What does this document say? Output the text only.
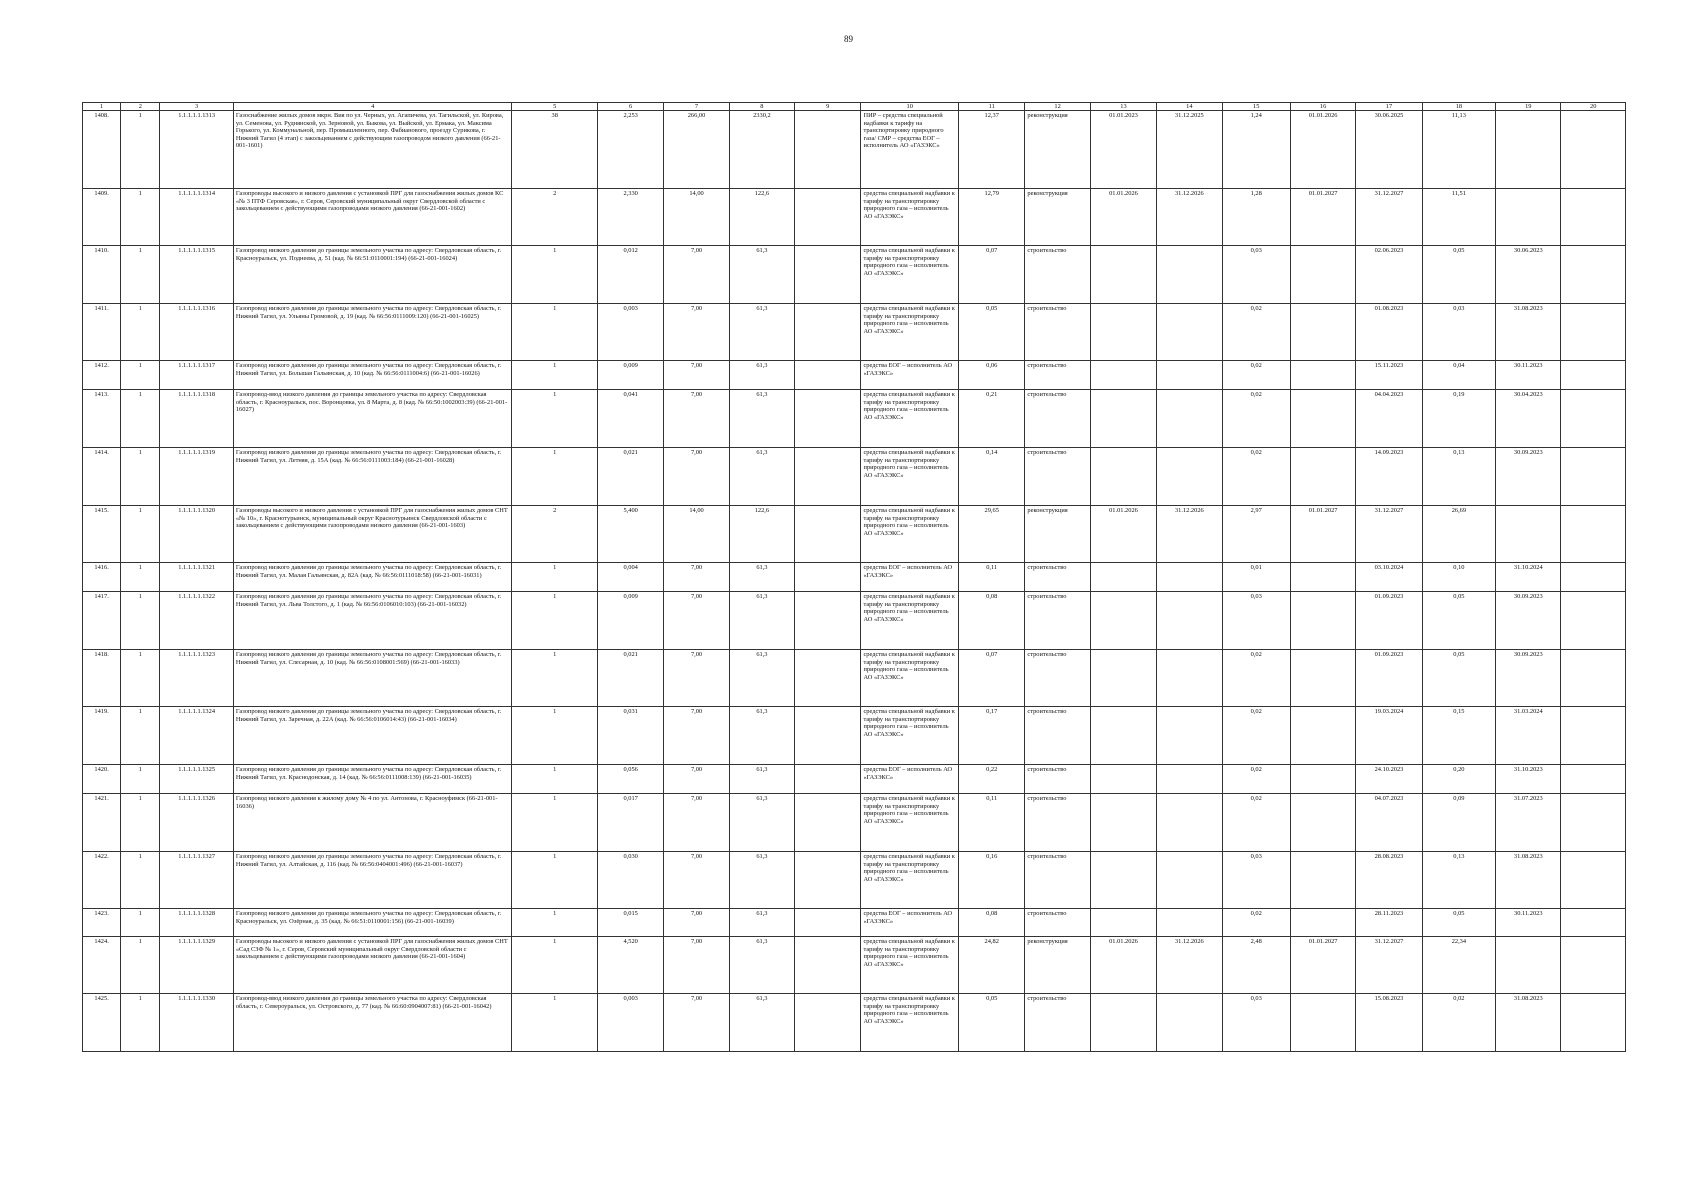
89
1	2	3	4	5	6	7	8	9	10	11	12	13	14	15	16	17	18	19	20
1408.	1	1.1.1.1.1.1313	Газоснабжение жилых домов мкрн. Вия по ул. Черных, ул. Агапичева, ул. Тагильской, ул. Кирова, ул. Семенова, ул. Руднянской, ул. Зерновой, ул. Быкова, ул. Выйской, ул. Ермака, ул. Максима Горького, ул. Коммунальной, пер. Промышленного, пер. Фабианового, проезду Сурикова, г. Нижний Тагил (4 этап) с закольцеванием с действующим газопроводом низкого давления (66-21-001-1601)	38	2,253	266,00	2330,2		ПИР – средства специальной надбавки к тарифу на транспортировку природного газа/ СМР – средства ЕОГ – исполнитель АО «ГАЗЭКС»	12,37	реконструкция	01.01.2023	31.12.2025	1,24	01.01.2026	30.06.2025	11,13		
1409.	1	1.1.1.1.1.1314	Газопроводы высокого и низкого давления с установкой ПРГ для газоснабжения жилых домов КС «№ 3 ПТФ Серовская», г. Серов, Серовский муниципальный округ Свердловской области с закольцеванием с действующими газопроводами низкого давления (66-21-001-1602)	2	2,330	14,00	122,6		средства специальной надбавки к тарифу на транспортировку природного газа – исполнитель АО «ГАЗЭКС»	12,79	реконструкция	01.01.2026	31.12.2026	1,28	01.01.2027	31.12.2027	11,51		
1410.	1	1.1.1.1.1.1315	Газопровод низкого давления до границы земельного участка по адресу: Свердловская область, г. Красноуральск, ул. Поднеева, д. 51 (кад. № 66:51:0110001:194) (66-21-001-16024)	1	0,012	7,00	61,3		средства специальной надбавки к тарифу на транспортировку природного газа – исполнитель АО «ГАЗЭКС»	0,07	строительство			0,03		02.06.2023	0,05	30.06.2023	
1411.	1	1.1.1.1.1.1316	Газопровод низкого давления до границы земельного участка по адресу: Свердловская область, г. Нижний Тагил, ул. Ульяны Громовой, д. 19 (кад. № 66:56:0111009:120) (66-21-001-16025)	1	0,003	7,00	61,3		средства специальной надбавки к тарифу на транспортировку природного газа – исполнитель АО «ГАЗЭКС»	0,05	строительство			0,02		01.08.2023	0,03	31.08.2023	
1412.	1	1.1.1.1.1.1317	Газопровод низкого давления до границы земельного участка по адресу: Свердловская область, г. Нижний Тагил, ул. Большая Гальянская, д. 10 (кад. № 66:56:0111004:6) (66-21-001-16026)	1	0,009	7,00	61,3		средства ЕОГ – исполнитель АО «ГАЗЭКС»	0,06	строительство			0,02		15.11.2023	0,04	30.11.2023	
1413.	1	1.1.1.1.1.1318	Газопровод-ввод низкого давления до границы земельного участка по адресу: Свердловская область, г. Красноуральск, пос. Воронцовка, ул. 8 Марта, д. 8 (кад. № 66:50:1002003:39) (66-21-001-16027)	1	0,041	7,00	61,3		средства специальной надбавки к тарифу на транспортировку природного газа – исполнитель АО «ГАЗЭКС»	0,21	строительство			0,02		04.04.2023	0,19	30.04.2023	
1414.	1	1.1.1.1.1.1319	Газопровод низкого давления до границы земельного участка по адресу: Свердловская область, г. Нижний Тагил, ул. Летняя, д. 15А (кад. № 66:56:0111003:184) (66-21-001-16028)	1	0,021	7,00	61,3		средства специальной надбавки к тарифу на транспортировку природного газа – исполнитель АО «ГАЗЭКС»	0,14	строительство			0,02		14.09.2023	0,13	30.09.2023	
1415.	1	1.1.1.1.1.1320	Газопроводы высокого и низкого давления с установкой ПРГ для газоснабжения жилых домов СНТ «№ 10», г. Краснотурьинск, муниципальный округ Краснотурьинск Свердловской области с закольцеванием с действующими газопроводами низкого давления (66-21-001-1603)	2	5,400	14,00	122,6		средства специальной надбавки к тарифу на транспортировку природного газа – исполнитель АО «ГАЗЭКС»	29,65	реконструкция	01.01.2026	31.12.2026	2,97	01.01.2027	31.12.2027	26,69		
1416.	1	1.1.1.1.1.1321	Газопровод низкого давления до границы земельного участка по адресу: Свердловская область, г. Нижний Тагил, ул. Малая Гальянская, д. 82А (кад. № 66:56:0111018:58) (66-21-001-16031)	1	0,004	7,00	61,3		средства ЕОГ – исполнитель АО «ГАЗЭКС»	0,11	строительство			0,01		03.10.2024	0,10	31.10.2024	
1417.	1	1.1.1.1.1.1322	Газопровод низкого давления до границы земельного участка по адресу: Свердловская область, г. Нижний Тагил, ул. Льва Толстого, д. 1 (кад. № 66:56:0106010:103) (66-21-001-16032)	1	0,009	7,00	61,3		средства специальной надбавки к тарифу на транспортировку природного газа – исполнитель АО «ГАЗЭКС»	0,08	строительство			0,03		01.09.2023	0,05	30.09.2023	
1418.	1	1.1.1.1.1.1323	Газопровод низкого давления до границы земельного участка по адресу: Свердловская область, г. Нижний Тагил, ул. Слесарная, д. 10 (кад. № 66:56:0108001:569) (66-21-001-16033)	1	0,021	7,00	61,3		средства специальной надбавки к тарифу на транспортировку природного газа – исполнитель АО «ГАЗЭКС»	0,07	строительство			0,02		01.09.2023	0,05	30.09.2023	
1419.	1	1.1.1.1.1.1324	Газопровод низкого давления до границы земельного участка по адресу: Свердловская область, г. Нижний Тагил, ул. Заречная, д. 22А (кад. № 66:56:0106014:43) (66-21-001-16034)	1	0,031	7,00	61,3		средства специальной надбавки к тарифу на транспортировку природного газа – исполнитель АО «ГАЗЭКС»	0,17	строительство			0,02		19.03.2024	0,15	31.03.2024	
1420.	1	1.1.1.1.1.1325	Газопровод низкого давления до границы земельного участка по адресу: Свердловская область, г. Нижний Тагил, ул. Краснодонская, д. 14 (кад. № 66:56:0111008:139) (66-21-001-16035)	1	0,056	7,00	61,3		средства ЕОГ – исполнитель АО «ГАЗЭКС»	0,22	строительство			0,02		24.10.2023	0,20	31.10.2023	
1421.	1	1.1.1.1.1.1326	Газопровод низкого давления к жилому дому № 4 по ул. Антонова, г. Красноуфимск (66-21-001-16036)	1	0,017	7,00	61,3		средства специальной надбавки к тарифу на транспортировку природного газа – исполнитель АО «ГАЗЭКС»	0,11	строительство			0,02		04.07.2023	0,09	31.07.2023	
1422.	1	1.1.1.1.1.1327	Газопровод низкого давления до границы земельного участка по адресу: Свердловская область, г. Нижний Тагил, ул. Алтайская, д. 116 (кад. № 66:56:0404001:496) (66-21-001-16037)	1	0,030	7,00	61,3		средства специальной надбавки к тарифу на транспортировку природного газа – исполнитель АО «ГАЗЭКС»	0,16	строительство			0,03		28.08.2023	0,13	31.08.2023	
1423.	1	1.1.1.1.1.1328	Газопровод низкого давления до границы земельного участка по адресу: Свердловская область, г. Красноуральск, ул. Озёрная, д. 35 (кад. № 66:51:0110001:156) (66-21-001-16039)	1	0,015	7,00	61,3		средства ЕОГ – исполнитель АО «ГАЗЭКС»	0,08	строительство			0,02		28.11.2023	0,05	30.11.2023	
1424.	1	1.1.1.1.1.1329	Газопроводы высокого и низкого давления с установкой ПРГ для газоснабжения жилых домов СНТ «Сад СЗФ № 1», г. Серов, Серовский муниципальный округ Свердловской области с закольцеванием с действующими газопроводами низкого давления (66-21-001-1604)	1	4,520	7,00	61,3		средства специальной надбавки к тарифу на транспортировку природного газа – исполнитель АО «ГАЗЭКС»	24,82	реконструкция	01.01.2026	31.12.2026	2,48	01.01.2027	31.12.2027	22,34		
1425.	1	1.1.1.1.1.1330	Газопровод-ввод низкого давления до границы земельного участка по адресу: Свердловская область, г. Североуральск, ул. Островского, д. 77 (кад. № 66:60:0904007:81) (66-21-001-16042)	1	0,003	7,00	61,3		средства специальной надбавки к тарифу на транспортировку природного газа – исполнитель АО «ГАЗЭКС»	0,05	строительство			0,03		15.08.2023	0,02	31.08.2023	
